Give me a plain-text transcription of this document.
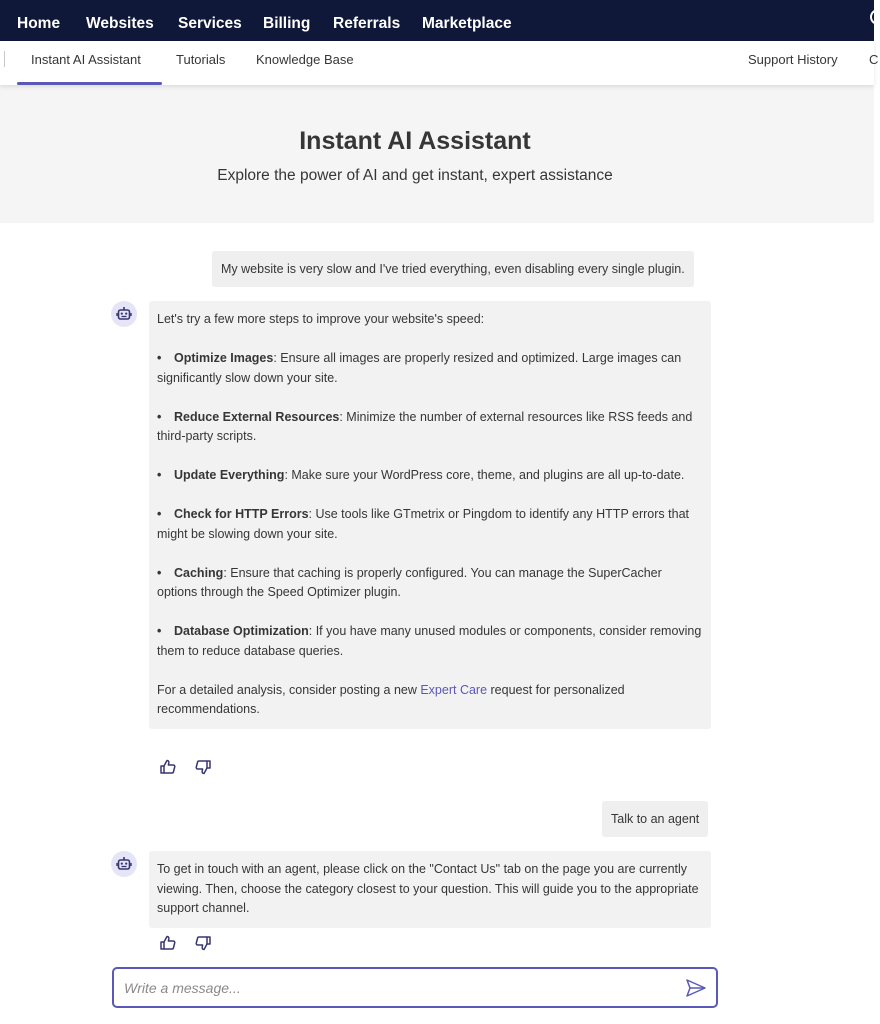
Home Websites Services Billing Referrals Marketplace
Instant AI Assistant	Tutorials Knowledge Base	Support History C
Instant AI Assistant

Explore the power of AI and get instant, expert assistance

My website is very slow and I've tried everything, even disabling every single plugin.

Let's try a few more steps to improve your website's speed:

• Optimize Images: Ensure all images are properly resized and optimized. Large images can significantly slow down your site.
• Reduce External Resources: Minimize the number of external resources like RSS feeds and third-party scripts.
• Update Everything: Make sure your WordPress core, theme, and plugins are all up-to-date.
• Check for HTTP Errors: Use tools like GTmetrix or Pingdom to identify any HTTP errors that might be slowing down your site.
• Caching: Ensure that caching is properly configured. You can manage the SuperCacher options through the Speed Optimizer plugin.
• Database Optimization: If you have many unused modules or components, consider removing them to reduce database queries.

For a detailed analysis, consider posting a new Expert Care request for personalized recommendations.

Talk to an agent

To get in touch with an agent, please click on the "Contact Us" tab on the page you are currently viewing. Then, choose the category closest to your question. This will guide you to the appropriate support channel.

Write a message...
